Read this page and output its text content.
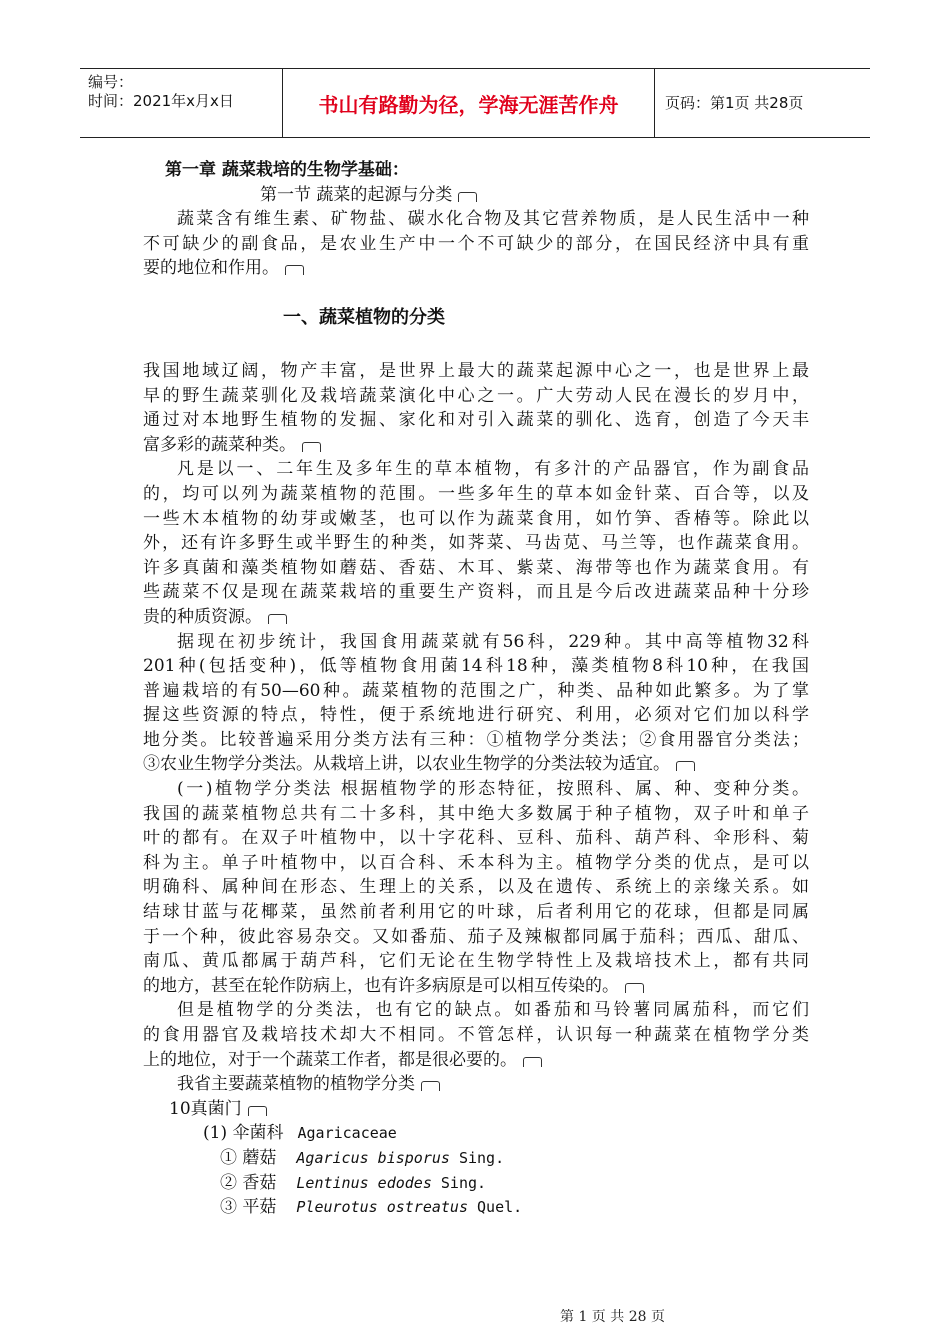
编号：
时间：2021年x月x日	书山有路勤为径，学海无涯苦作舟	页码：第1页 共28页
第一章 蔬菜栽培的生物学基础：
第一节 蔬菜的起源与分类
蔬菜含有维生素、矿物盐、碳水化合物及其它营养物质，是人民生活中一种
不可缺少的副食品，是农业生产中一个不可缺少的部分，在国民经济中具有重
要的地位和作用。
一、蔬菜植物的分类
我国地域辽阔，物产丰富，是世界上最大的蔬菜起源中心之一，也是世界上最
早的野生蔬菜驯化及栽培蔬菜演化中心之一。广大劳动人民在漫长的岁月中，
通过对本地野生植物的发掘、家化和对引入蔬菜的驯化、选育，创造了今天丰
富多彩的蔬菜种类。
凡是以一、二年生及多年生的草本植物，有多汁的产品器官，作为副食品
的，均可以列为蔬菜植物的范围。一些多年生的草本如金针菜、百合等，以及
一些木本植物的幼芽或嫩茎，也可以作为蔬菜食用，如竹笋、香椿等。除此以
外，还有许多野生或半野生的种类，如荠菜、马齿苋、马兰等，也作蔬菜食用。
许多真菌和藻类植物如蘑菇、香菇、木耳、紫菜、海带等也作为蔬菜食用。有
些蔬菜不仅是现在蔬菜栽培的重要生产资料，而且是今后改进蔬菜品种十分珍
贵的种质资源。
据现在初步统计，我国食用蔬菜就有56科，229种。其中高等植物32科
201种(包括变种)，低等植物食用菌14科18种，藻类植物8科10种，在我国
普遍栽培的有50—60种。蔬菜植物的范围之广，种类、品种如此繁多。为了掌
握这些资源的特点，特性，便于系统地进行研究、利用，必须对它们加以科学
地分类。比较普遍采用分类方法有三种：①植物学分类法；②食用器官分类法；
③农业生物学分类法。从栽培上讲，以农业生物学的分类法较为适宜。
(一)植物学分类法 根据植物学的形态特征，按照科、属、种、变种分类。
我国的蔬菜植物总共有二十多科，其中绝大多数属于种子植物，双子叶和单子
叶的都有。在双子叶植物中，以十字花科、豆科、茄科、葫芦科、伞形科、菊
科为主。单子叶植物中，以百合科、禾本科为主。植物学分类的优点，是可以
明确科、属种间在形态、生理上的关系，以及在遗传、系统上的亲缘关系。如
结球甘蓝与花椰菜，虽然前者利用它的叶球，后者利用它的花球，但都是同属
于一个种，彼此容易杂交。又如番茄、茄子及辣椒都同属于茄科；西瓜、甜瓜、
南瓜、黄瓜都属于葫芦科，它们无论在生物学特性上及栽培技术上，都有共同
的地方，甚至在轮作防病上，也有许多病原是可以相互传染的。
但是植物学的分类法，也有它的缺点。如番茄和马铃薯同属茄科，而它们
的食用器官及栽培技术却大不相同。不管怎样，认识每一种蔬菜在植物学分类
上的地位，对于一个蔬菜工作者，都是很必要的。
我省主要蔬菜植物的植物学分类
10真菌门
(1) 伞菌科 Agaricaceae
① 蘑菇 Agaricus bisporus Sing.
② 香菇 Lentinus edodes Sing.
③ 平菇 Pleurotus ostreatus Quel.
第 1 页 共 28 页
